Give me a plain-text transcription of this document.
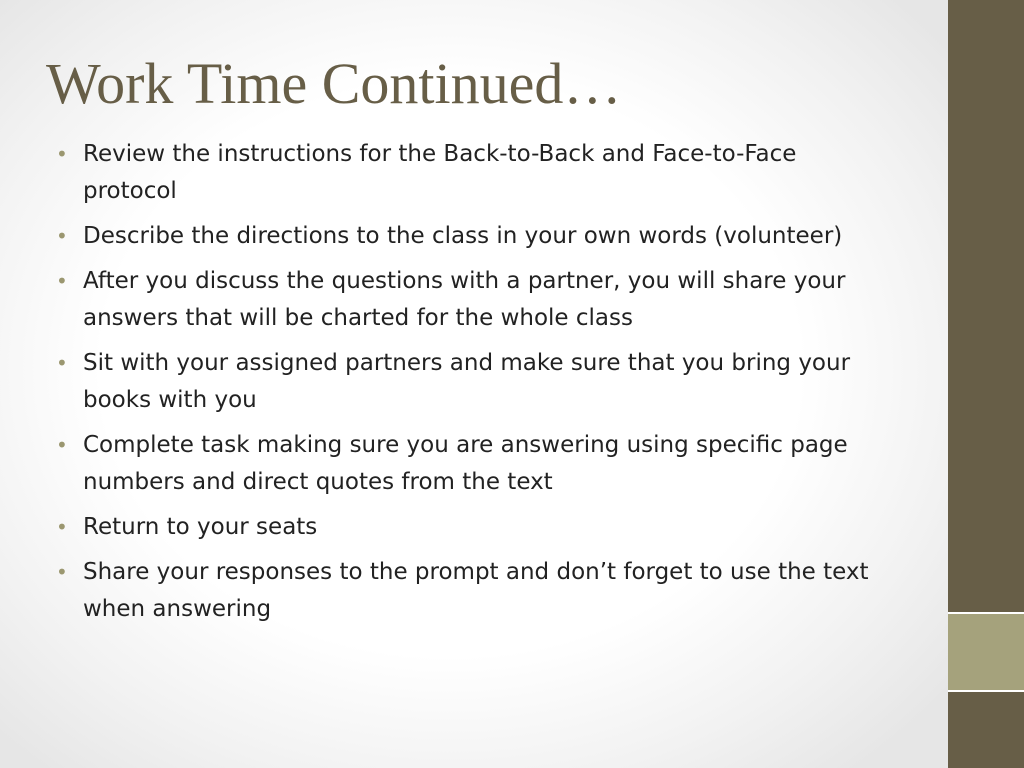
Work Time Continued…
• Review the instructions for the Back-to-Back and Face-to-Face protocol
• Describe the directions to the class in your own words (volunteer)
• After you discuss the questions with a partner, you will share your answers that will be charted for the whole class
• Sit with your assigned partners and make sure that you bring your books with you
• Complete task making sure you are answering using specific page numbers and direct quotes from the text
• Return to your seats
• Share your responses to the prompt and don’t forget to use the text when answering
